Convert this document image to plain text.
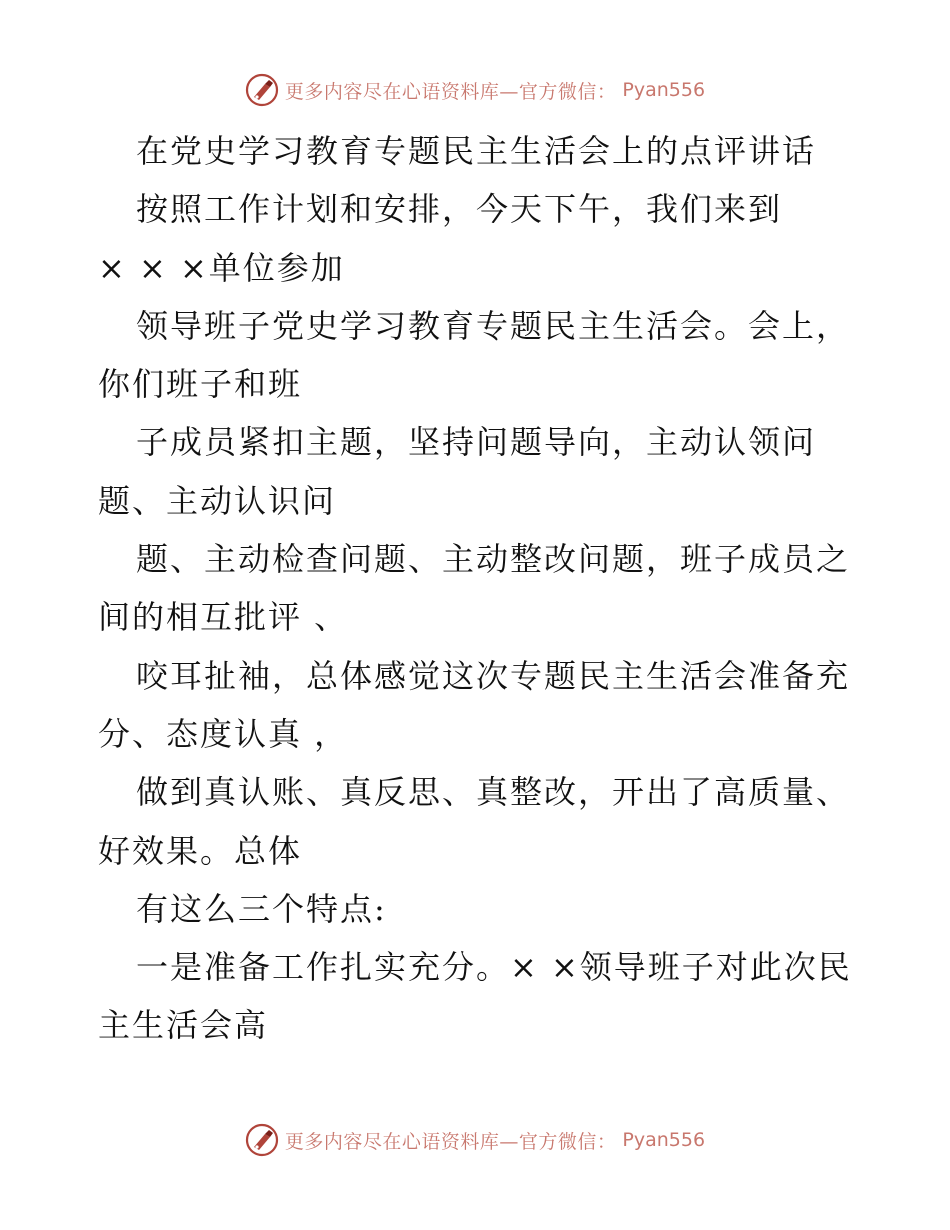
更多内容尽在心语资料库—官方微信： Pyan556
在党史学习教育专题民主生活会上的点评讲话
按照工作计划和安排，今天下午，我们来到
× × ×单位参加
领导班子党史学习教育专题民主生活会。会上，
你们班子和班
子成员紧扣主题，坚持问题导向，主动认领问
题、主动认识问
题、主动检查问题、主动整改问题，班子成员之
间的相互批评 、
咬耳扯袖，总体感觉这次专题民主生活会准备充
分、态度认真 ，
做到真认账、真反思、真整改，开出了高质量、
好效果。总体
有这么三个特点:
一是准备工作扎实充分。× ×领导班子对此次民
主生活会高
更多内容尽在心语资料库—官方微信： Pyan556
